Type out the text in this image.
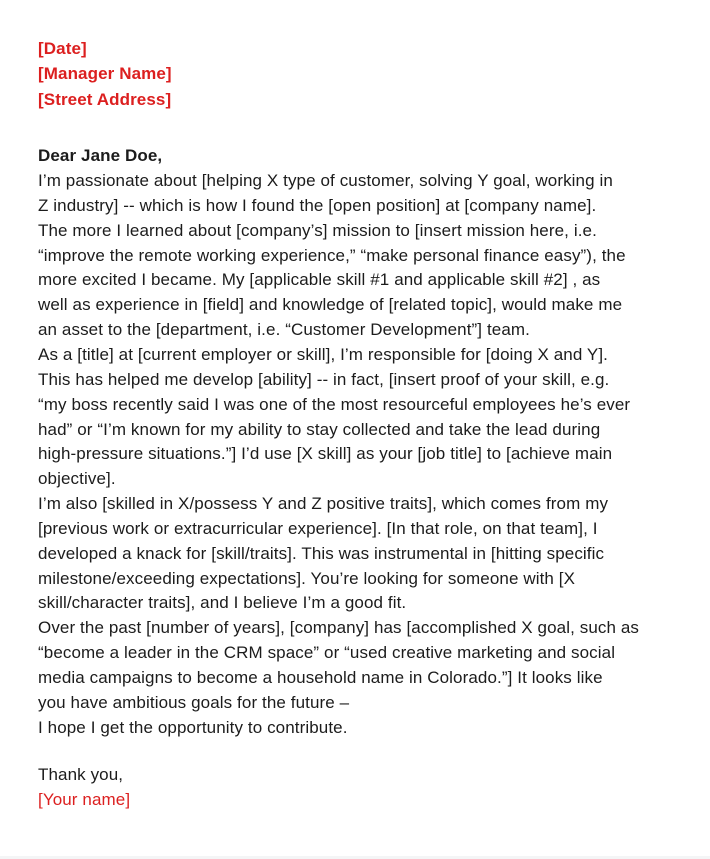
[Date]
[Manager Name]
[Street Address]
Dear Jane Doe,
I’m passionate about [helping X type of customer, solving Y goal, working in
Z industry] -- which is how I found the [open position] at [company name].
The more I learned about [company’s] mission to [insert mission here, i.e.
“improve the remote working experience,” “make personal finance easy”), the
more excited I became. My [applicable skill #1 and applicable skill #2] , as
well as experience in [field] and knowledge of [related topic], would make me
an asset to the [department, i.e. “Customer Development”] team.
As a [title] at [current employer or skill], I’m responsible for [doing X and Y].
This has helped me develop [ability] -- in fact, [insert proof of your skill, e.g.
“my boss recently said I was one of the most resourceful employees he’s ever
had” or “I’m known for my ability to stay collected and take the lead during
high-pressure situations.”] I’d use [X skill] as your [job title] to [achieve main
objective].
I’m also [skilled in X/possess Y and Z positive traits], which comes from my
[previous work or extracurricular experience]. [In that role, on that team], I
developed a knack for [skill/traits]. This was instrumental in [hitting specific
milestone/exceeding expectations]. You’re looking for someone with [X
skill/character traits], and I believe I’m a good fit.
Over the past [number of years], [company] has [accomplished X goal, such as
“become a leader in the CRM space” or “used creative marketing and social
media campaigns to become a household name in Colorado.”] It looks like
you have ambitious goals for the future –
I hope I get the opportunity to contribute.
Thank you,
[Your name]
